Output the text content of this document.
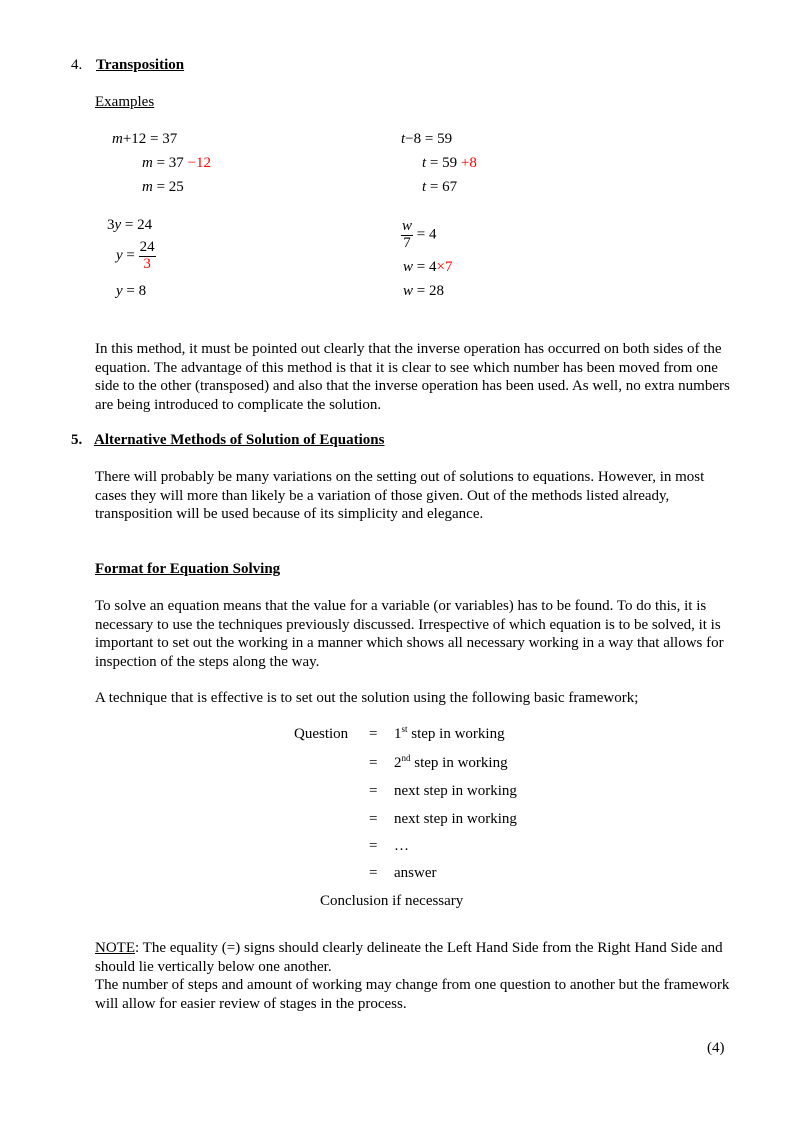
4. Transposition
Examples
m+12 = 37
m = 37 −12
m = 25
t−8 = 59
t = 59 +8
t = 67
3y = 24
$y = \frac{24}{3}$
y = 8
$\frac{w}{7} = 4$
w = 4×7
w = 28
In this method, it must be pointed out clearly that the inverse operation has occurred on both sides of the equation. The advantage of this method is that it is clear to see which number has been moved from one side to the other (transposed) and also that the inverse operation has been used. As well, no extra numbers are being introduced to complicate the solution.
5. Alternative Methods of Solution of Equations
There will probably be many variations on the setting out of solutions to equations. However, in most cases they will more than likely be a variation of those given. Out of the methods listed already, transposition will be used because of its simplicity and elegance.
Format for Equation Solving
To solve an equation means that the value for a variable (or variables) has to be found. To do this, it is necessary to use the techniques previously discussed. Irrespective of which equation is to be solved, it is important to set out the working in a manner which shows all necessary working in a way that allows for inspection of the steps along the way.
A technique that is effective is to set out the solution using the following basic framework;
Question = 1st step in working
= 2nd step in working
= next step in working
= next step in working
= …
= answer
Conclusion if necessary
NOTE: The equality (=) signs should clearly delineate the Left Hand Side from the Right Hand Side and should lie vertically below one another.
The number of steps and amount of working may change from one question to another but the framework will allow for easier review of stages in the process.
(4)
